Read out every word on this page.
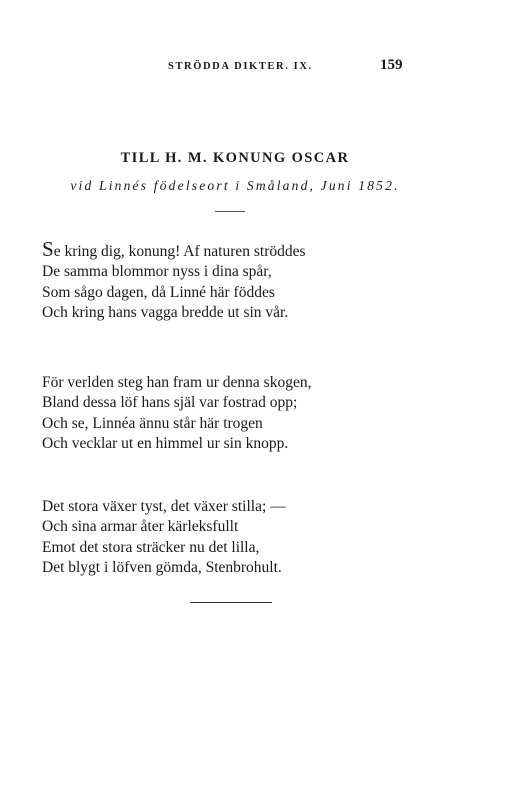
STRÖDDA DIKTER. IX.	159
TILL H. M. KONUNG OSCAR
vid Linnés födelseort i Småland, Juni 1852.
Se kring dig, konung! Af naturen ströddes
De samma blommor nyss i dina spår,
Som sågo dagen, då Linné här föddes
Och kring hans vagga bredde ut sin vår.
För verlden steg han fram ur denna skogen,
Bland dessa löf hans själ var fostrad opp;
Och se, Linnéa ännu står här trogen
Och vecklar ut en himmel ur sin knopp.
Det stora växer tyst, det växer stilla; —
Och sina armar åter kärleksfullt
Emot det stora sträcker nu det lilla,
Det blygt i löfven gömda, Stenbrohult.
